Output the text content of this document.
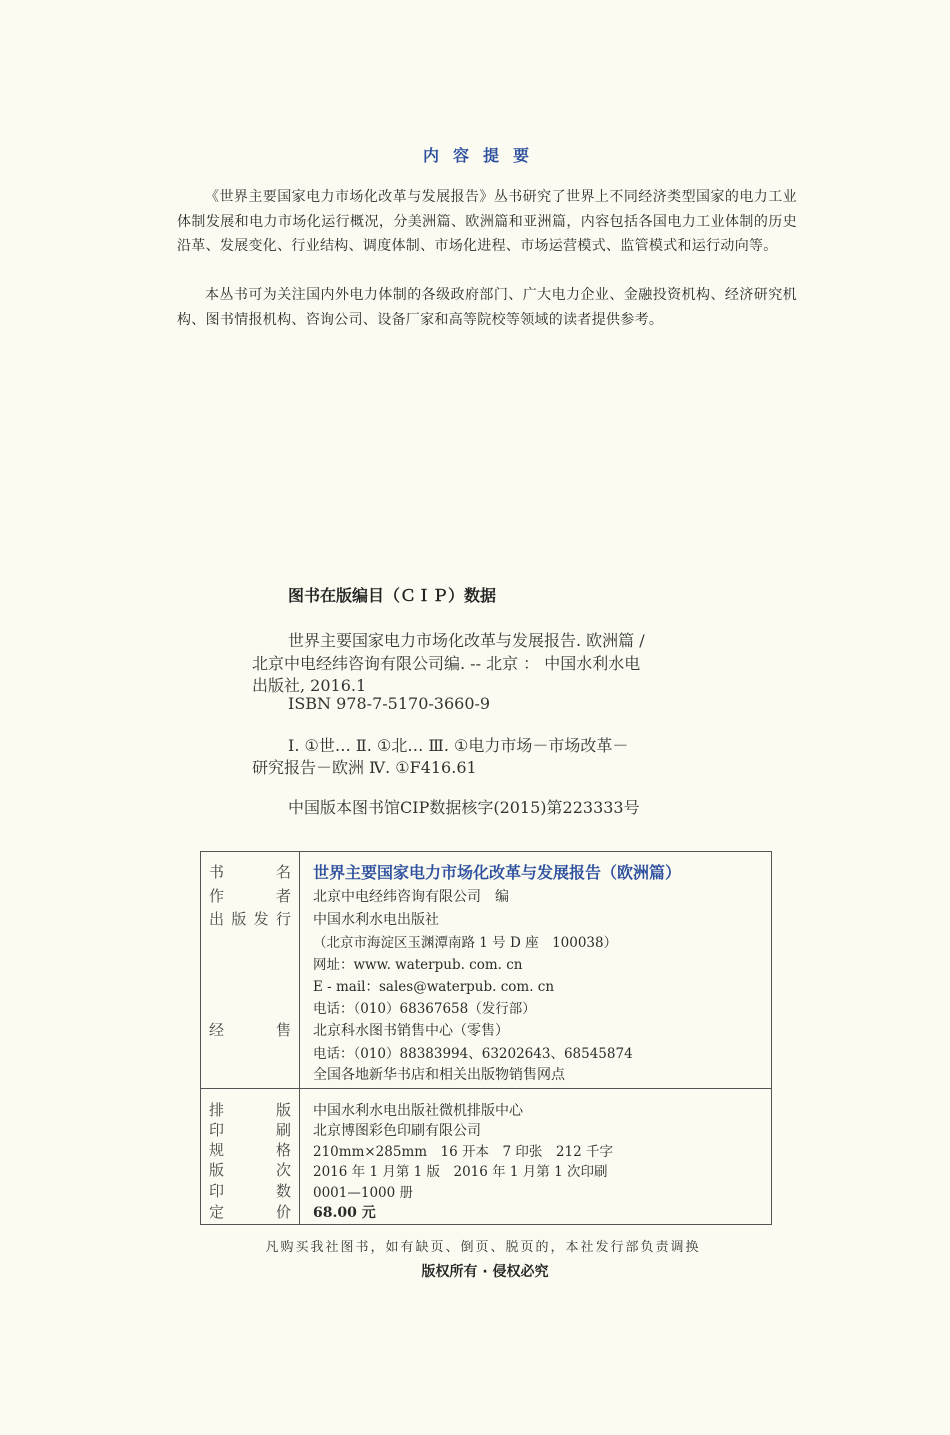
内容提要
《世界主要国家电力市场化改革与发展报告》丛书研究了世界上不同经济类型国家的电力工业体制发展和电力市场化运行概况，分美洲篇、欧洲篇和亚洲篇，内容包括各国电力工业体制的历史沿革、发展变化、行业结构、调度体制、市场化进程、市场运营模式、监管模式和运行动向等。
本丛书可为关注国内外电力体制的各级政府部门、广大电力企业、金融投资机构、经济研究机构、图书情报机构、咨询公司、设备厂家和高等院校等领域的读者提供参考。
图书在版编目（ＣＩＰ）数据
世界主要国家电力市场化改革与发展报告. 欧洲篇 /
北京中电经纬咨询有限公司编. -- 北京 ： 中国水利水电
出版社, 2016.1
ISBN 978-7-5170-3660-9
Ⅰ. ①世… Ⅱ. ①北… Ⅲ. ①电力市场－市场改革－
研究报告－欧洲 Ⅳ. ①F416.61
中国版本图书馆CIP数据核字(2015)第223333号
书	名 世界主要国家电力市场化改革与发展报告（欧洲篇）
作	者 北京中电经纬咨询有限公司　编
出 版 发 行 中国水利水电出版社
（北京市海淀区玉渊潭南路 1 号 D 座　100038）
网址：www. waterpub. com. cn
E - mail：sales@waterpub. com. cn
电话：（010）68367658（发行部）
经	售 北京科水图书销售中心（零售）
电话：（010）88383994、63202643、68545874
全国各地新华书店和相关出版物销售网点
排	版 中国水利水电出版社微机排版中心
印	刷 北京博图彩色印刷有限公司
规	格 210mm×285mm　16 开本　7 印张　212 千字
版	次 2016 年 1 月第 1 版　2016 年 1 月第 1 次印刷
印	数 0001—1000 册
定	价 68.00 元
凡购买我社图书，如有缺页、倒页、脱页的，本社发行部负责调换
版权所有 · 侵权必究
